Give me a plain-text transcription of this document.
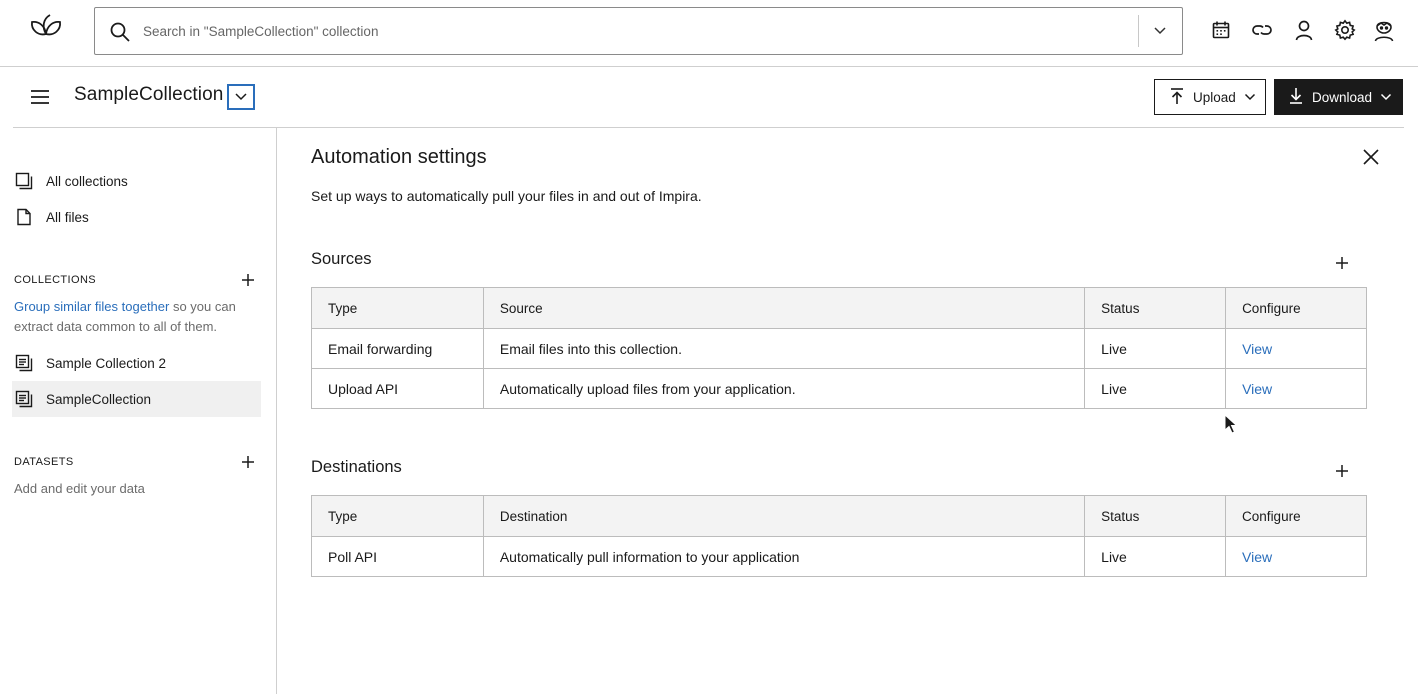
Search in "SampleCollection" collection
SampleCollection	Upload	Download
All collections
All files
COLLECTIONS
Group similar files together so you can extract data common to all of them.
Sample Collection 2
SampleCollection
DATASETS
Add and edit your data
Automation settings
Set up ways to automatically pull your files in and out of Impira.
Sources
Type	Source	Status	Configure
Email forwarding	Email files into this collection.	Live	View
Upload API	Automatically upload files from your application.	Live	View
Destinations
Type	Destination	Status	Configure
Poll API	Automatically pull information to your application	Live	View
